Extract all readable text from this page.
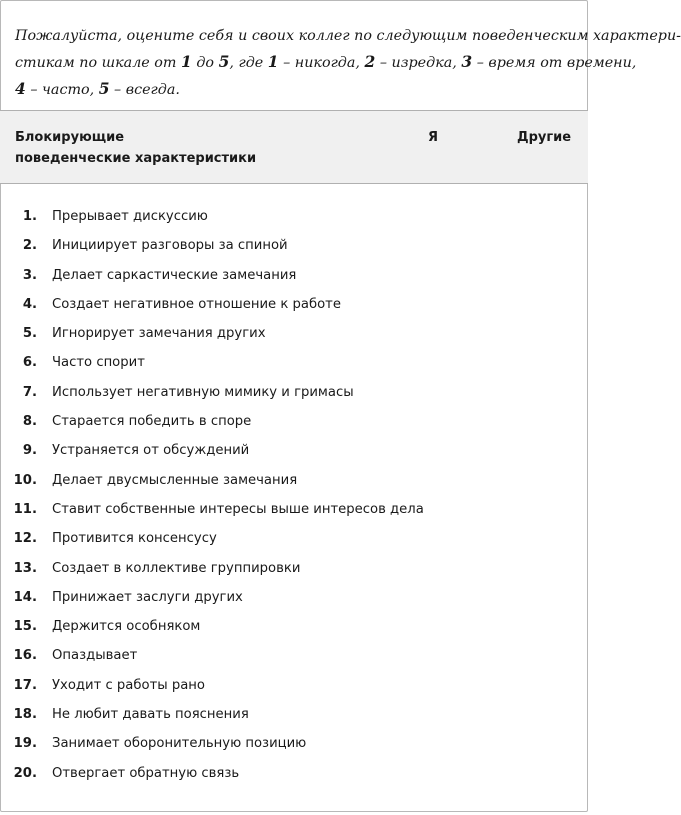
Пожалуйста, оцените себя и своих коллег по следующим поведенческим характери-
стикам по шкале от 1 до 5, где 1 – никогда, 2 – изредка, 3 – время от времени,
4 – часто, 5 – всегда.
Блокирующие
поведенческие характеристики
Я	Другие
1. Прерывает дискуссию
2. Инициирует разговоры за спиной
3. Делает саркастические замечания
4. Создает негативное отношение к работе
5. Игнорирует замечания других
6. Часто спорит
7. Использует негативную мимику и гримасы
8. Старается победить в споре
9. Устраняется от обсуждений
10. Делает двусмысленные замечания
11. Ставит собственные интересы выше интересов дела
12. Противится консенсусу
13. Создает в коллективе группировки
14. Принижает заслуги других
15. Держится особняком
16. Опаздывает
17. Уходит с работы рано
18. Не любит давать пояснения
19. Занимает оборонительную позицию
20. Отвергает обратную связь
